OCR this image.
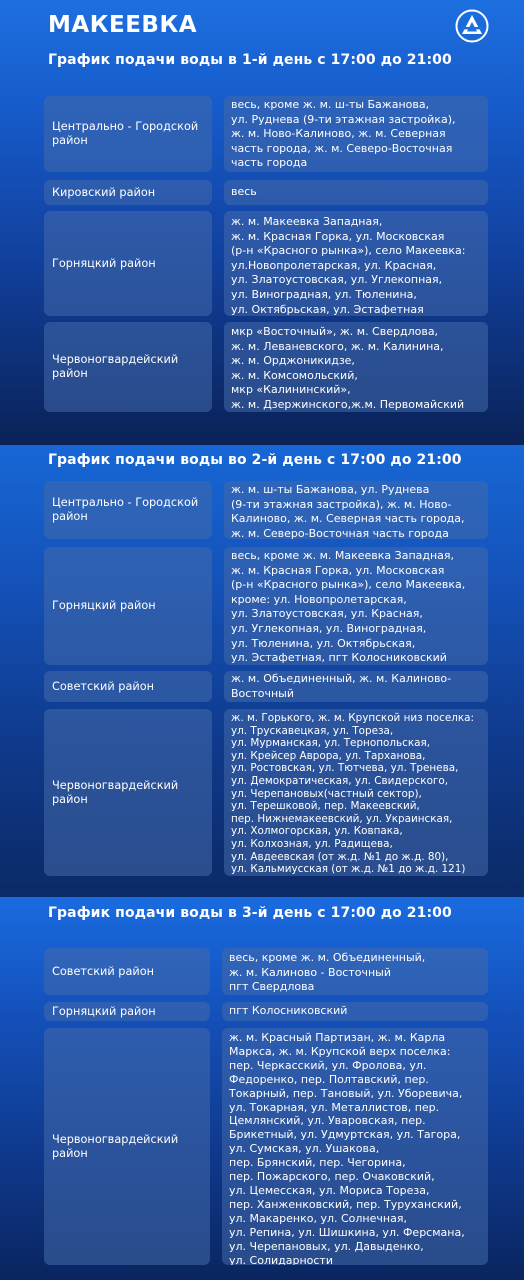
МАКЕЕВКА
График подачи воды в 1-й день с 17:00 до 21:00
Центрально - Городской
район
весь, кроме ж. м. ш-ты Бажанова,
ул. Руднева (9-ти этажная застройка),
ж. м. Ново-Калиново, ж. м. Северная
часть города, ж. м. Северо-Восточная
часть города
Кировский район	весь
Горняцкий район
ж. м. Макеевка Западная,
ж. м. Красная Горка, ул. Московская
(р-н «Красного рынка»), село Макеевка:
ул.Новопролетарская, ул. Красная,
ул. Златоустовская, ул. Углекопная,
ул. Виноградная, ул. Тюленина,
ул. Октябрьская, ул. Эстафетная
Червоногвардейский
район
мкр «Восточный», ж. м. Свердлова,
ж. м. Леваневского, ж. м. Калинина,
ж. м. Орджоникидзе,
ж. м. Комсомольский,
мкр «Калининский»,
ж. м. Дзержинского,ж.м. Первомайский
График подачи воды во 2-й день с 17:00 до 21:00
Центрально - Городской
район
ж. м. ш-ты Бажанова, ул. Руднева
(9-ти этажная застройка), ж. м. Ново-
Калиново, ж. м. Северная часть города,
ж. м. Северо-Восточная часть города
Горняцкий район
весь, кроме ж. м. Макеевка Западная,
ж. м. Красная Горка, ул. Московская
(р-н «Красного рынка»), село Макеевка,
кроме: ул. Новопролетарская,
ул. Златоустовская, ул. Красная,
ул. Углекопная, ул. Виноградная,
ул. Тюленина, ул. Октябрьская,
ул. Эстафетная, пгт Колосниковский
Советский район
ж. м. Объединенный, ж. м. Калиново-
Восточный
Червоногвардейский
район
ж. м. Горького, ж. м. Крупской низ поселка:
ул. Трускавецкая, ул. Тореза,
ул. Мурманская, ул. Тернопольская,
ул. Крейсер Аврора, ул. Тарханова,
ул. Ростовская, ул. Тютчева, ул. Тренева,
ул. Демократическая, ул. Свидерского,
ул. Черепановых(частный сектор),
ул. Терешковой, пер. Макеевский,
пер. Нижнемакеевский, ул. Украинская,
ул. Холмогорская, ул. Ковпака,
ул. Колхозная, ул. Радищева,
ул. Авдеевская (от ж.д. №1 до ж.д. 80),
ул. Кальмиусская (от ж.д. №1 до ж.д. 121)
График подачи воды в 3-й день с 17:00 до 21:00
Советский район
весь, кроме ж. м. Объединенный,
ж. м. Калиново - Восточный
пгт Свердлова
Горняцкий район	пгт Колосниковский
Червоногвардейский
район
ж. м. Красный Партизан, ж. м. Карла
Маркса, ж. м. Крупской верх поселка:
пер. Черкасский, ул. Фролова, ул.
Федоренко, пер. Полтавский, пер.
Токарный, пер. Тановый, ул. Уборевича,
ул. Токарная, ул. Металлистов, пер.
Цемлянский, ул. Уваровская, пер.
Брикетный, ул. Удмуртская, ул. Тагора,
ул. Сумская, ул. Ушакова,
пер. Брянский, пер. Чегорина,
пер. Пожарского, пер. Очаковский,
ул. Цемесская, ул. Мориса Тореза,
пер. Ханженковский, пер. Туруханский,
ул. Макаренко, ул. Солнечная,
ул. Репина, ул. Шишкина, ул. Ферсмана,
ул. Черепановых, ул. Давыденко,
ул. Солидарности
